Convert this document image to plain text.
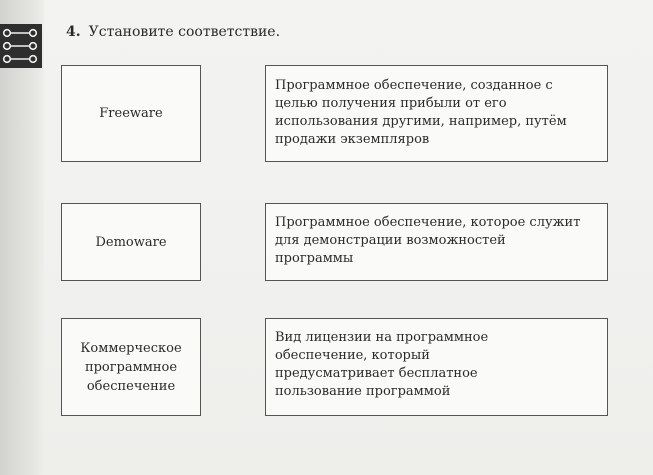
4. Установите соответствие.
Freeware
Demoware
Коммерческое программное обеспечение
Программное обеспечение, созданное с целью получения прибыли от его использования другими, например, путём продажи экземпляров
Программное обеспечение, которое служит для демонстрации возможностей программы
Вид лицензии на программное обеспечение, который предусматривает бесплатное пользование программой
